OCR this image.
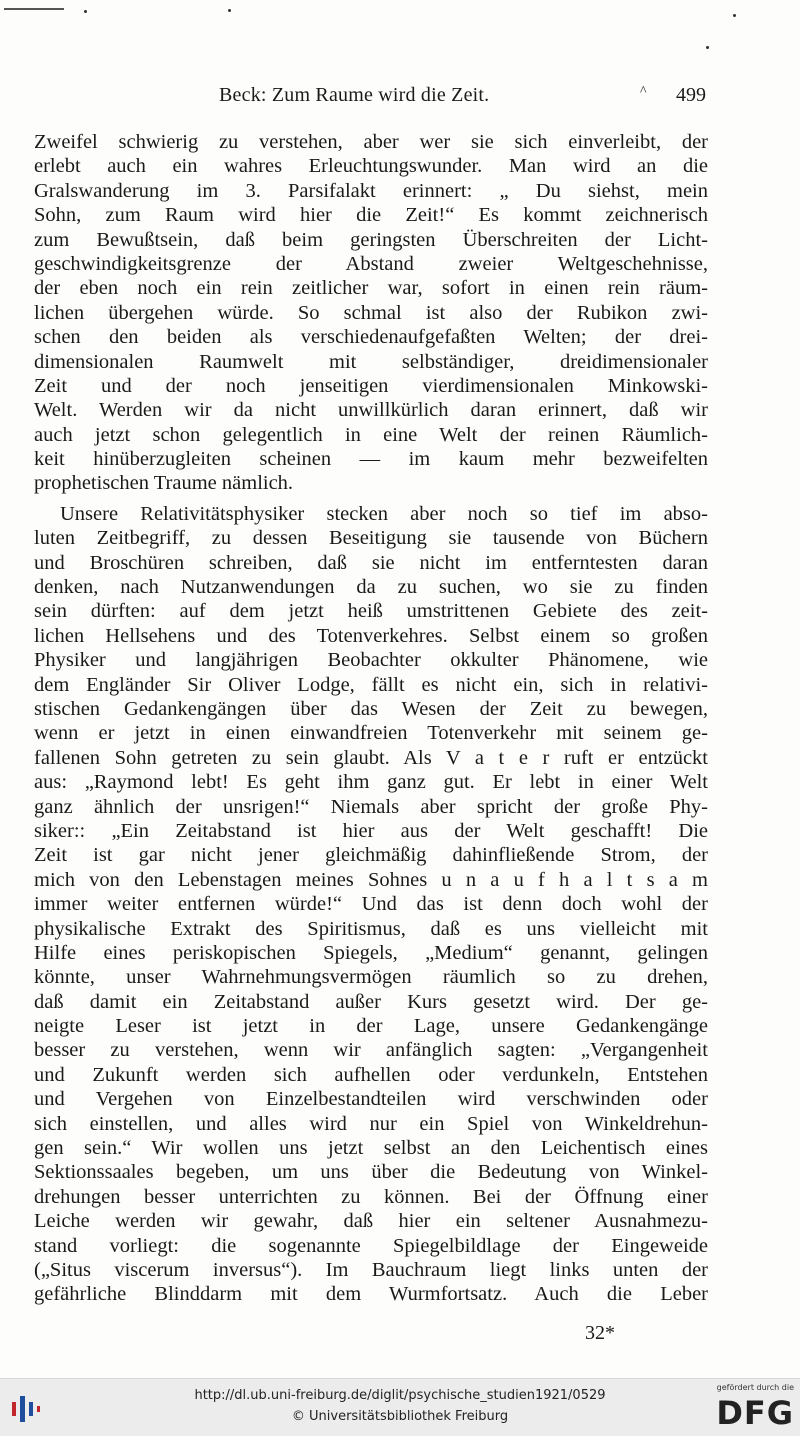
Beck: Zum Raume wird die Zeit.	^ 499
Zweifel schwierig zu verstehen, aber wer sie sich einverleibt, der
erlebt auch ein wahres Erleuchtungswunder. Man wird an die
Gralswanderung im 3. Parsifalakt erinnert: „ Du siehst, mein
Sohn, zum Raum wird hier die Zeit!“ Es kommt zeichnerisch
zum Bewußtsein, daß beim geringsten Überschreiten der Licht-
geschwindigkeitsgrenze der Abstand zweier Weltgeschehnisse,
der eben noch ein rein zeitlicher war, sofort in einen rein räum-
lichen übergehen würde. So schmal ist also der Rubikon zwi-
schen den beiden als verschiedenaufgefaßten Welten; der drei-
dimensionalen Raumwelt mit selbständiger, dreidimensionaler
Zeit und der noch jenseitigen vierdimensionalen Minkowski-
Welt. Werden wir da nicht unwillkürlich daran erinnert, daß wir
auch jetzt schon gelegentlich in eine Welt der reinen Räumlich-
keit hinüberzugleiten scheinen — im kaum mehr bezweifelten
prophetischen Traume nämlich.
Unsere Relativitätsphysiker stecken aber noch so tief im abso-
luten Zeitbegriff, zu dessen Beseitigung sie tausende von Büchern
und Broschüren schreiben, daß sie nicht im entferntesten daran
denken, nach Nutzanwendungen da zu suchen, wo sie zu finden
sein dürften: auf dem jetzt heiß umstrittenen Gebiete des zeit-
lichen Hellsehens und des Totenverkehres. Selbst einem so großen
Physiker und langjährigen Beobachter okkulter Phänomene, wie
dem Engländer Sir Oliver Lodge, fällt es nicht ein, sich in relativi-
stischen Gedankengängen über das Wesen der Zeit zu bewegen,
wenn er jetzt in einen einwandfreien Totenverkehr mit seinem ge-
fallenen Sohn getreten zu sein glaubt. Als V a t e r ruft er entzückt
aus: „Raymond lebt! Es geht ihm ganz gut. Er lebt in einer Welt
ganz ähnlich der unsrigen!“ Niemals aber spricht der große Phy-
siker:: „Ein Zeitabstand ist hier aus der Welt geschafft! Die
Zeit ist gar nicht jener gleichmäßig dahinfließende Strom, der
mich von den Lebenstagen meines Sohnes u n a u f h a l t s a m
immer weiter entfernen würde!“ Und das ist denn doch wohl der
physikalische Extrakt des Spiritismus, daß es uns vielleicht mit
Hilfe eines periskopischen Spiegels, „Medium“ genannt, gelingen
könnte, unser Wahrnehmungsvermögen räumlich so zu drehen,
daß damit ein Zeitabstand außer Kurs gesetzt wird. Der ge-
neigte Leser ist jetzt in der Lage, unsere Gedankengänge
besser zu verstehen, wenn wir anfänglich sagten: „Vergangenheit
und Zukunft werden sich aufhellen oder verdunkeln, Entstehen
und Vergehen von Einzelbestandteilen wird verschwinden oder
sich einstellen, und alles wird nur ein Spiel von Winkeldrehun-
gen sein.“ Wir wollen uns jetzt selbst an den Leichentisch eines
Sektionssaales begeben, um uns über die Bedeutung von Winkel-
drehungen besser unterrichten zu können. Bei der Öffnung einer
Leiche werden wir gewahr, daß hier ein seltener Ausnahmezu-
stand vorliegt: die sogenannte Spiegelbildlage der Eingeweide
(„Situs viscerum inversus“). Im Bauchraum liegt links unten der
gefährliche Blinddarm mit dem Wurmfortsatz. Auch die Leber
32*
http://dl.ub.uni-freiburg.de/diglit/psychische_studien1921/0529
© Universitätsbibliothek Freiburg
gefördert durch die
DFG
